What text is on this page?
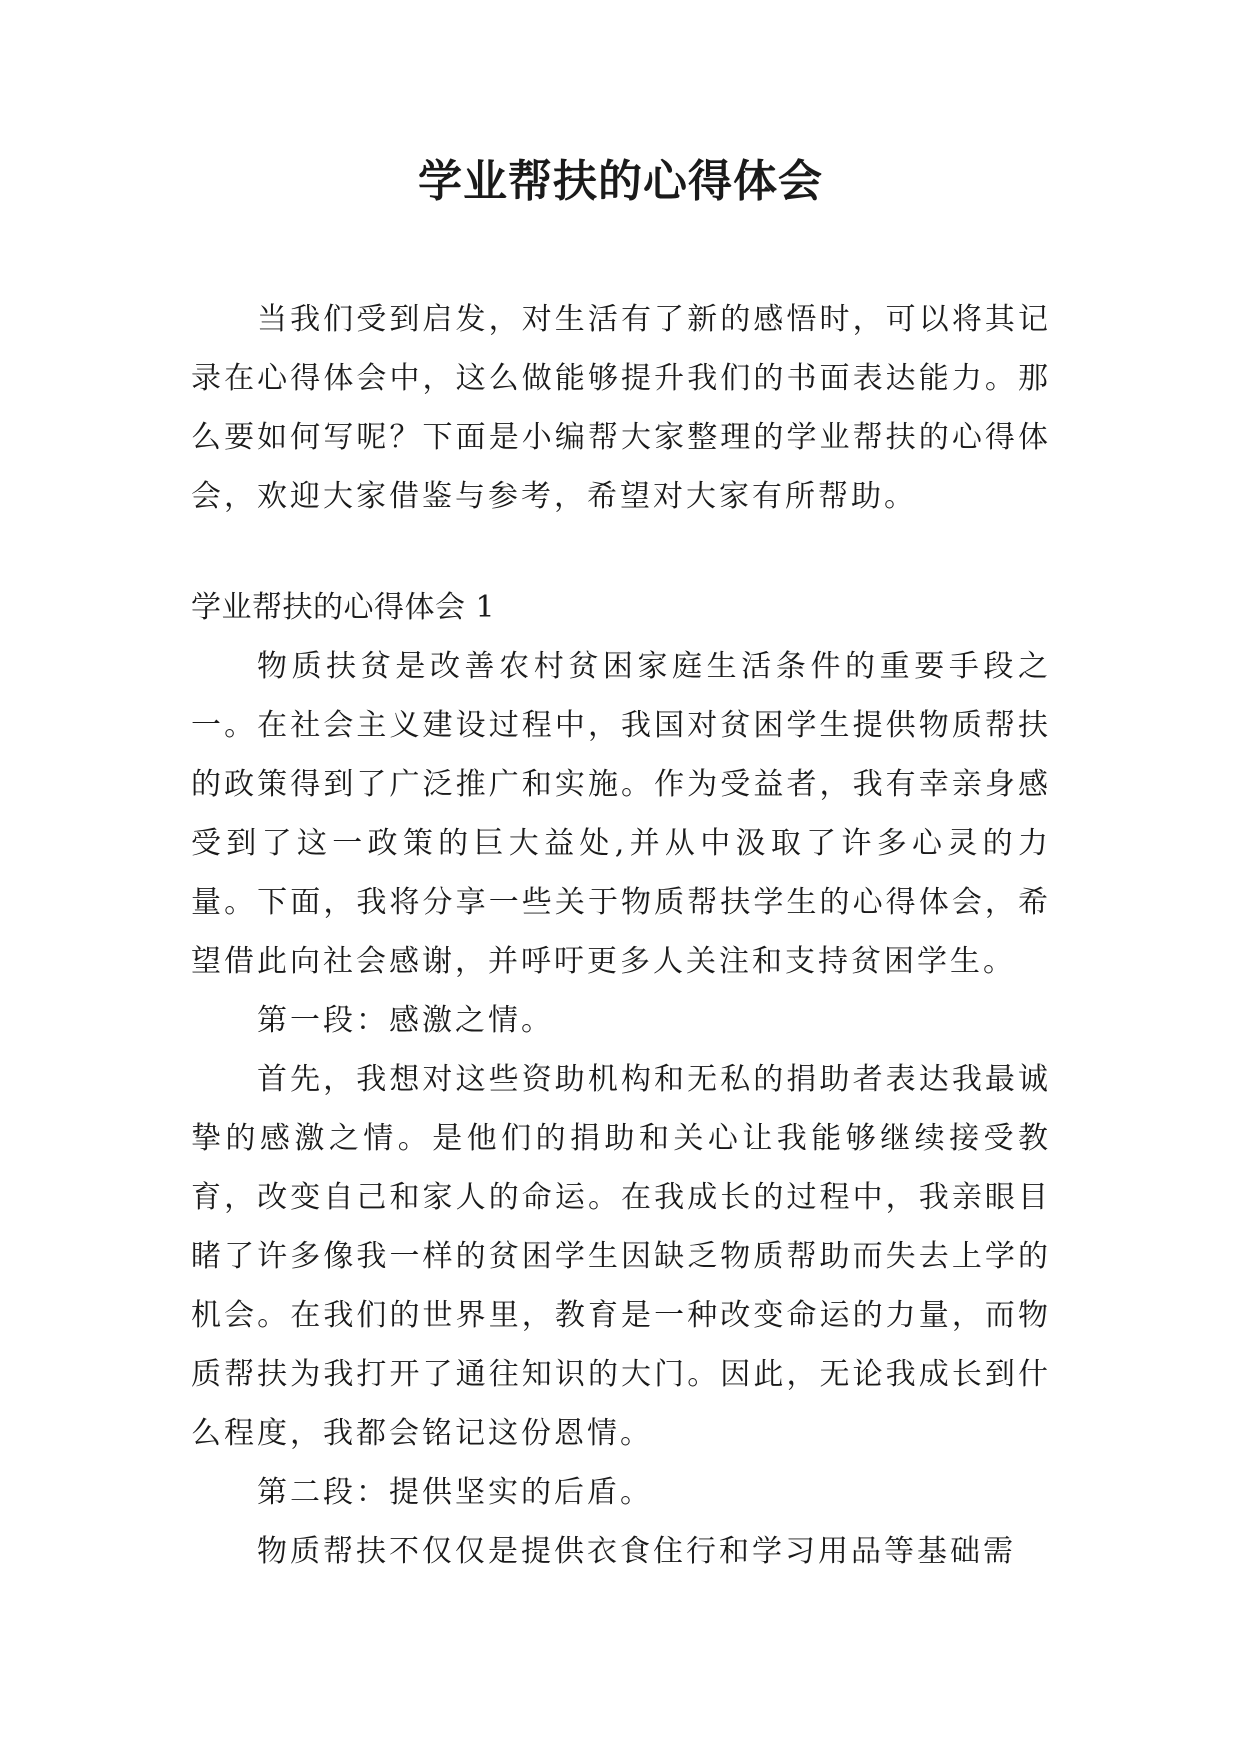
学业帮扶的心得体会

当我们受到启发，对生活有了新的感悟时，可以将其记录在心得体会中，这么做能够提升我们的书面表达能力。那么要如何写呢？下面是小编帮大家整理的学业帮扶的心得体会，欢迎大家借鉴与参考，希望对大家有所帮助。

学业帮扶的心得体会 1

物质扶贫是改善农村贫困家庭生活条件的重要手段之一。在社会主义建设过程中，我国对贫困学生提供物质帮扶的政策得到了广泛推广和实施。作为受益者，我有幸亲身感受到了这一政策的巨大益处,并从中汲取了许多心灵的力量。下面，我将分享一些关于物质帮扶学生的心得体会，希望借此向社会感谢，并呼吁更多人关注和支持贫困学生。

第一段：感激之情。

首先，我想对这些资助机构和无私的捐助者表达我最诚挚的感激之情。是他们的捐助和关心让我能够继续接受教育，改变自己和家人的命运。在我成长的过程中，我亲眼目睹了许多像我一样的贫困学生因缺乏物质帮助而失去上学的机会。在我们的世界里，教育是一种改变命运的力量，而物质帮扶为我打开了通往知识的大门。因此，无论我成长到什么程度，我都会铭记这份恩情。

第二段：提供坚实的后盾。

物质帮扶不仅仅是提供衣食住行和学习用品等基础需
